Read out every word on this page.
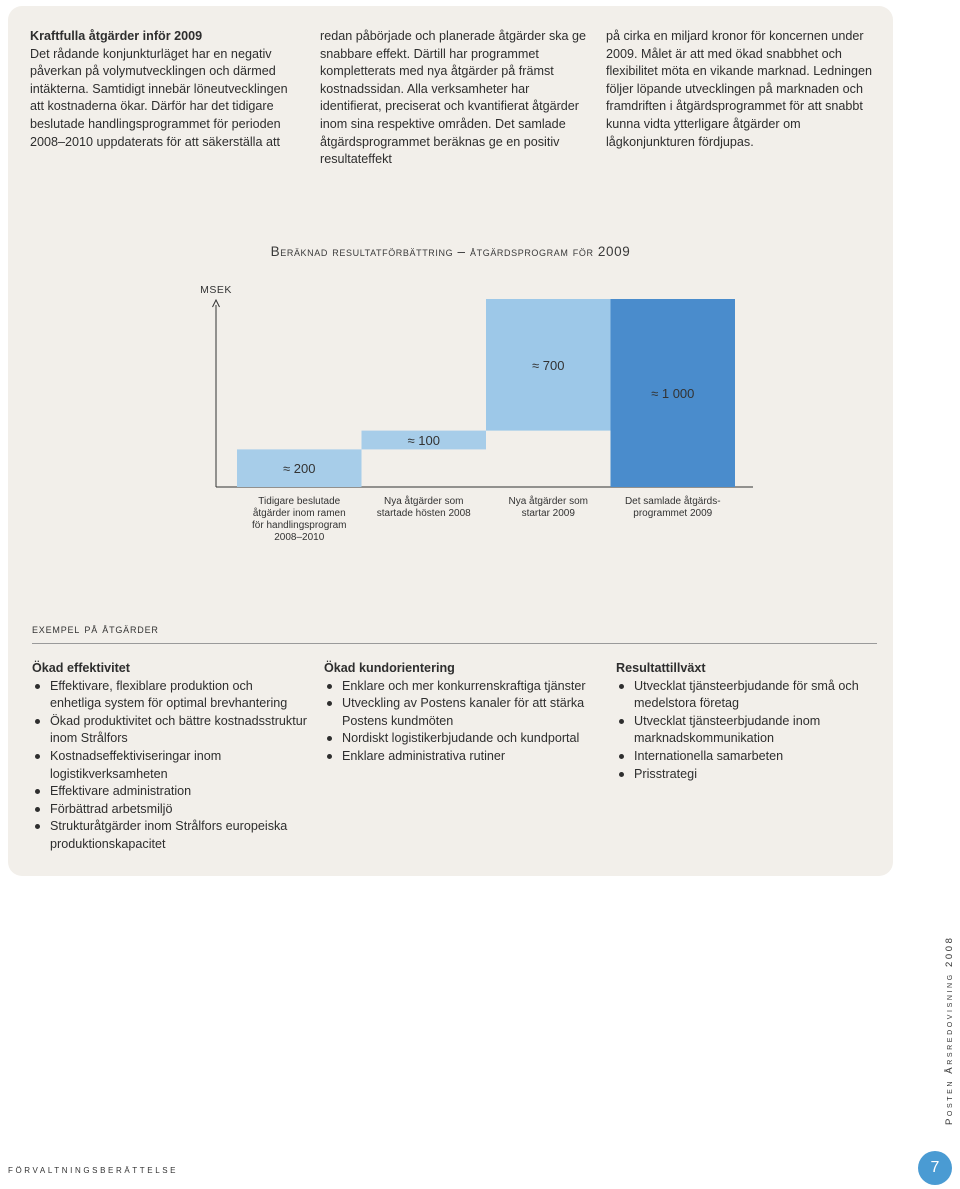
Kraftfulla åtgärder inför 2009

Det rådande konjunkturläget har en negativ påverkan på volymutvecklingen och därmed intäkterna. Samtidigt innebär löneutvecklingen att kostnaderna ökar. Därför har det tidigare beslutade handlingsprogrammet för perioden 2008–2010 uppdaterats för att säkerställa att

redan påbörjade och planerade åtgärder ska ge snabbare effekt. Därtill har programmet kompletterats med nya åtgärder på främst kostnadssidan. Alla verksamheter har identifierat, preciserat och kvantifierat åtgärder inom sina respektive områden. Det samlade åtgärdsprogrammet beräknas ge en positiv resultateffekt

på cirka en miljard kronor för koncernen under 2009. Målet är att med ökad snabbhet och flexibilitet möta en vikande marknad. Ledningen följer löpande utvecklingen på marknaden och framdriften i åtgärdsprogrammet för att snabbt kunna vidta ytterligare åtgärder om lågkonjunkturen fördjupas.

Beräknad resultatförbättring – åtgärdsprogram för 2009
MSEK
≈ 200
Tidigare beslutade
åtgärder inom ramen
för handlingsprogram
2008–2010
≈ 100
Nya åtgärder som
startade hösten 2008
≈ 700
Nya åtgärder som
startar 2009
≈ 1 000
Det samlade åtgärds-
programmet 2009
exempel på åtgärder
Ökad effektivitet
Effektivare, flexiblare produktion och enhetliga system för optimal brevhantering
Ökad produktivitet och bättre kostnadsstruktur inom Strålfors
Kostnadseffektiviseringar inom logistikverksamheten
Effektivare administration
Förbättrad arbetsmiljö
Strukturåtgärder inom Strålfors europeiska produktionskapacitet
Ökad kundorientering
Enklare och mer konkurrenskraftiga tjänster
Utveckling av Postens kanaler för att stärka Postens kundmöten
Nordiskt logistikerbjudande och kundportal
Enklare administrativa rutiner
Resultattillväxt
Utvecklat tjänsteerbjudande för små och medelstora företag
Utvecklat tjänsteerbjudande inom marknadskommunikation
Internationella samarbeten
Prisstrategi
FÖRVALTNINGSBERÄTTELSE
Posten Årsredovisning 2008
7
